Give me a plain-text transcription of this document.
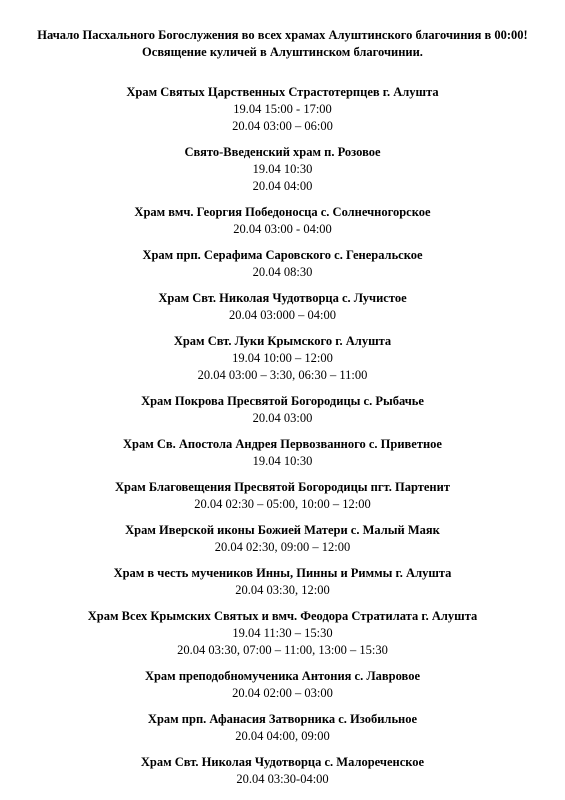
Начало Пасхального Богослужения во всех храмах Алуштинского благочиния в 00:00!
Освящение куличей в Алуштинском благочинии.
Храм Святых Царственных Страстотерпцев г. Алушта
19.04 15:00 - 17:00
20.04 03:00 – 06:00
Свято-Введенский храм п. Розовое
19.04 10:30
20.04 04:00
Храм вмч. Георгия Победоносца с. Солнечногорское
20.04 03:00 - 04:00
Храм прп. Серафима Саровского с. Генеральское
20.04 08:30
Храм Свт. Николая Чудотворца с. Лучистое
20.04 03:000 – 04:00
Храм Свт. Луки Крымского г. Алушта
19.04 10:00 – 12:00
20.04 03:00 – 3:30, 06:30 – 11:00
Храм Покрова Пресвятой Богородицы с. Рыбачье
20.04 03:00
Храм Св. Апостола Андрея Первозванного с. Приветное
19.04 10:30
Храм Благовещения Пресвятой Богородицы пгт. Партенит
20.04 02:30 – 05:00, 10:00 – 12:00
Храм Иверской иконы Божией Матери с. Малый Маяк
20.04 02:30, 09:00 – 12:00
Храм в честь мучеников Инны, Пинны и Риммы г. Алушта
20.04 03:30, 12:00
Храм Всех Крымских Святых и вмч. Феодора Стратилата г. Алушта
19.04 11:30 – 15:30
20.04 03:30, 07:00 – 11:00, 13:00 – 15:30
Храм преподобномученика Антония с. Лавровое
20.04 02:00 – 03:00
Храм прп. Афанасия Затворника с. Изобильное
20.04 04:00, 09:00
Храм Свт. Николая Чудотворца с. Малореченское
20.04 03:30-04:00
